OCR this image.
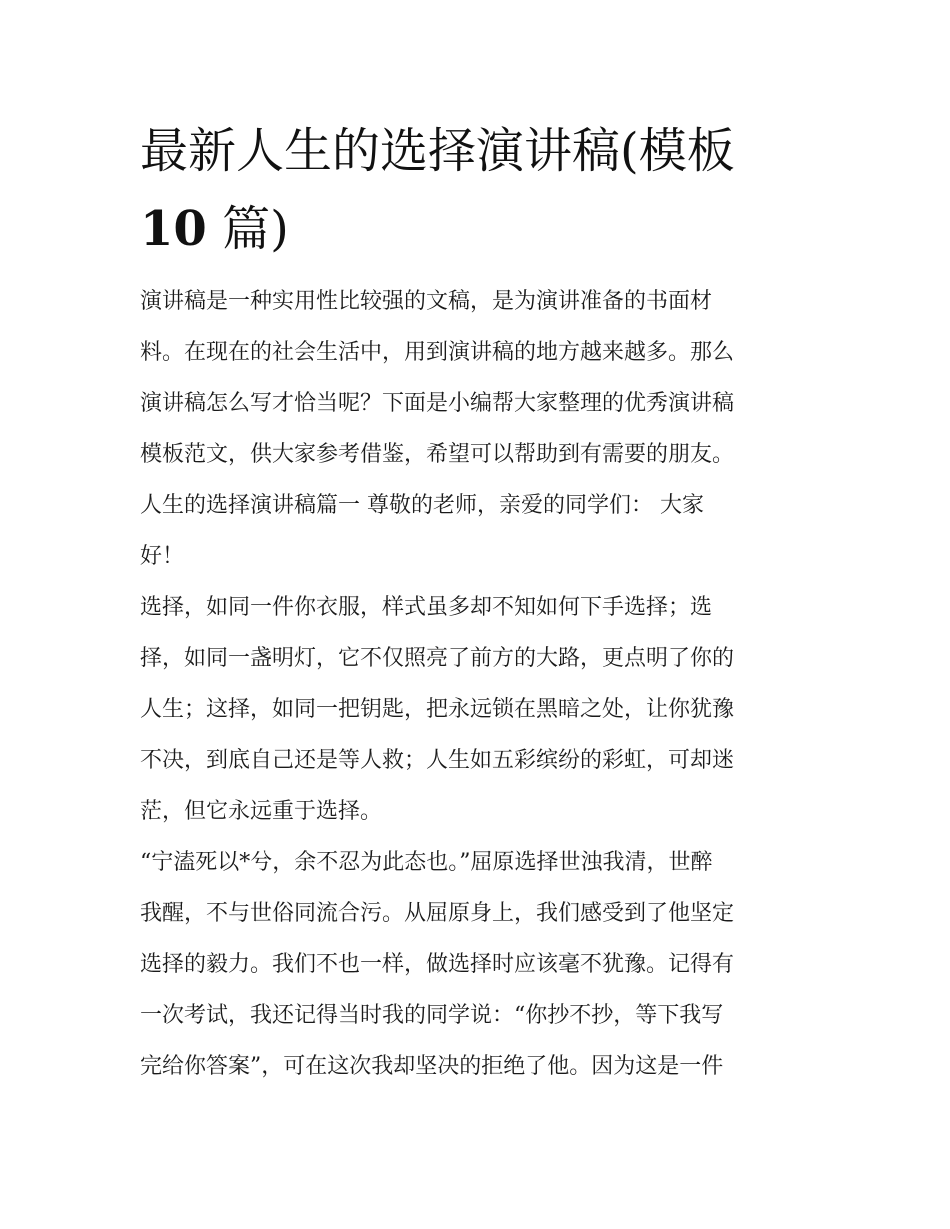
最新人生的选择演讲稿(模板
10 篇)
演讲稿是一种实用性比较强的文稿，是为演讲准备的书面材
料。在现在的社会生活中，用到演讲稿的地方越来越多。那么
演讲稿怎么写才恰当呢？下面是小编帮大家整理的优秀演讲稿
模板范文，供大家参考借鉴，希望可以帮助到有需要的朋友。
人生的选择演讲稿篇一 尊敬的老师，亲爱的同学们： 大家
好！
选择，如同一件你衣服，样式虽多却不知如何下手选择；选
择，如同一盏明灯，它不仅照亮了前方的大路，更点明了你的
人生；这择，如同一把钥匙，把永远锁在黑暗之处，让你犹豫
不决，到底自己还是等人救；人生如五彩缤纷的彩虹，可却迷
茫，但它永远重于选择。
“宁溘死以*兮，余不忍为此态也。”屈原选择世浊我清，世醉
我醒，不与世俗同流合污。从屈原身上，我们感受到了他坚定
选择的毅力。我们不也一样，做选择时应该毫不犹豫。记得有
一次考试，我还记得当时我的同学说：“你抄不抄，等下我写
完给你答案”，可在这次我却坚决的拒绝了他。因为这是一件
